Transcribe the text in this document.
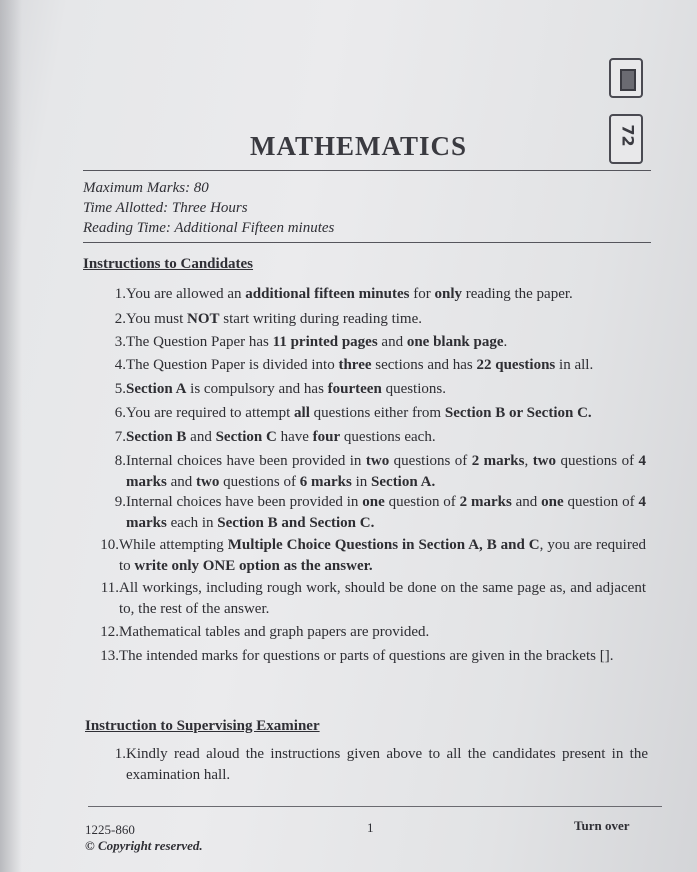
72
MATHEMATICS
Maximum Marks: 80
Time Allotted: Three Hours
Reading Time: Additional Fifteen minutes
Instructions to Candidates
1. You are allowed an additional fifteen minutes for only reading the paper.
2. You must NOT start writing during reading time.
3. The Question Paper has 11 printed pages and one blank page.
4. The Question Paper is divided into three sections and has 22 questions in all.
5. Section A is compulsory and has fourteen questions.
6. You are required to attempt all questions either from Section B or Section C.
7. Section B and Section C have four questions each.
8. Internal choices have been provided in two questions of 2 marks, two questions of 4 marks and two questions of 6 marks in Section A.
9. Internal choices have been provided in one question of 2 marks and one question of 4 marks each in Section B and Section C.
10. While attempting Multiple Choice Questions in Section A, B and C, you are required to write only ONE option as the answer.
11. All workings, including rough work, should be done on the same page as, and adjacent to, the rest of the answer.
12. Mathematical tables and graph papers are provided.
13. The intended marks for questions or parts of questions are given in the brackets [].
Instruction to Supervising Examiner
1. Kindly read aloud the instructions given above to all the candidates present in the examination hall.
1225-860	1	Turn over
© Copyright reserved.
